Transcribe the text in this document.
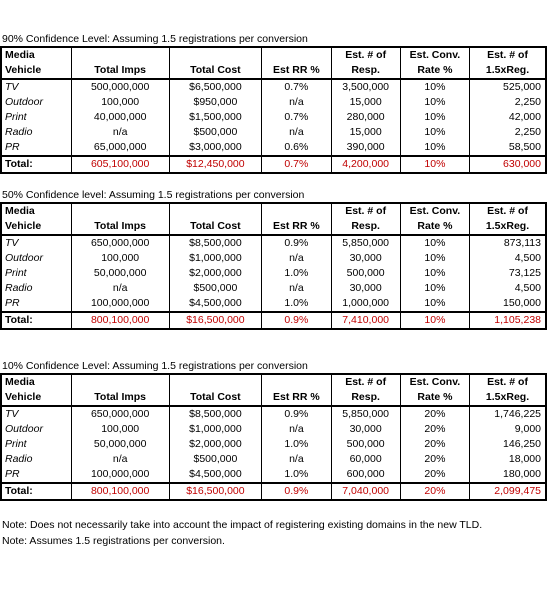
90% Confidence Level: Assuming 1.5 registrations per conversion
Media				Est. # of	Est. Conv.	Est. # of
Vehicle	Total Imps	Total Cost	Est RR %	Resp.	Rate %	1.5xReg.
TV	500,000,000	$6,500,000	0.7%	3,500,000	10%	525,000
Outdoor	100,000	$950,000	n/a	15,000	10%	2,250
Print	40,000,000	$1,500,000	0.7%	280,000	10%	42,000
Radio	n/a	$500,000	n/a	15,000	10%	2,250
PR	65,000,000	$3,000,000	0.6%	390,000	10%	58,500
Total:	605,100,000	$12,450,000	0.7%	4,200,000	10%	630,000
50% Confidence level: Assuming 1.5 registrations per conversion
Media				Est. # of	Est. Conv.	Est. # of
Vehicle	Total Imps	Total Cost	Est RR %	Resp.	Rate %	1.5xReg.
TV	650,000,000	$8,500,000	0.9%	5,850,000	10%	873,113
Outdoor	100,000	$1,000,000	n/a	30,000	10%	4,500
Print	50,000,000	$2,000,000	1.0%	500,000	10%	73,125
Radio	n/a	$500,000	n/a	30,000	10%	4,500
PR	100,000,000	$4,500,000	1.0%	1,000,000	10%	150,000
Total:	800,100,000	$16,500,000	0.9%	7,410,000	10%	1,105,238
10% Confidence Level: Assuming 1.5 registrations per conversion
Media				Est. # of	Est. Conv.	Est. # of
Vehicle	Total Imps	Total Cost	Est RR %	Resp.	Rate %	1.5xReg.
TV	650,000,000	$8,500,000	0.9%	5,850,000	20%	1,746,225
Outdoor	100,000	$1,000,000	n/a	30,000	20%	9,000
Print	50,000,000	$2,000,000	1.0%	500,000	20%	146,250
Radio	n/a	$500,000	n/a	60,000	20%	18,000
PR	100,000,000	$4,500,000	1.0%	600,000	20%	180,000
Total:	800,100,000	$16,500,000	0.9%	7,040,000	20%	2,099,475
Note: Does not necessarily take into account the impact of registering existing domains in the new TLD.
Note: Assumes 1.5 registrations per conversion.
